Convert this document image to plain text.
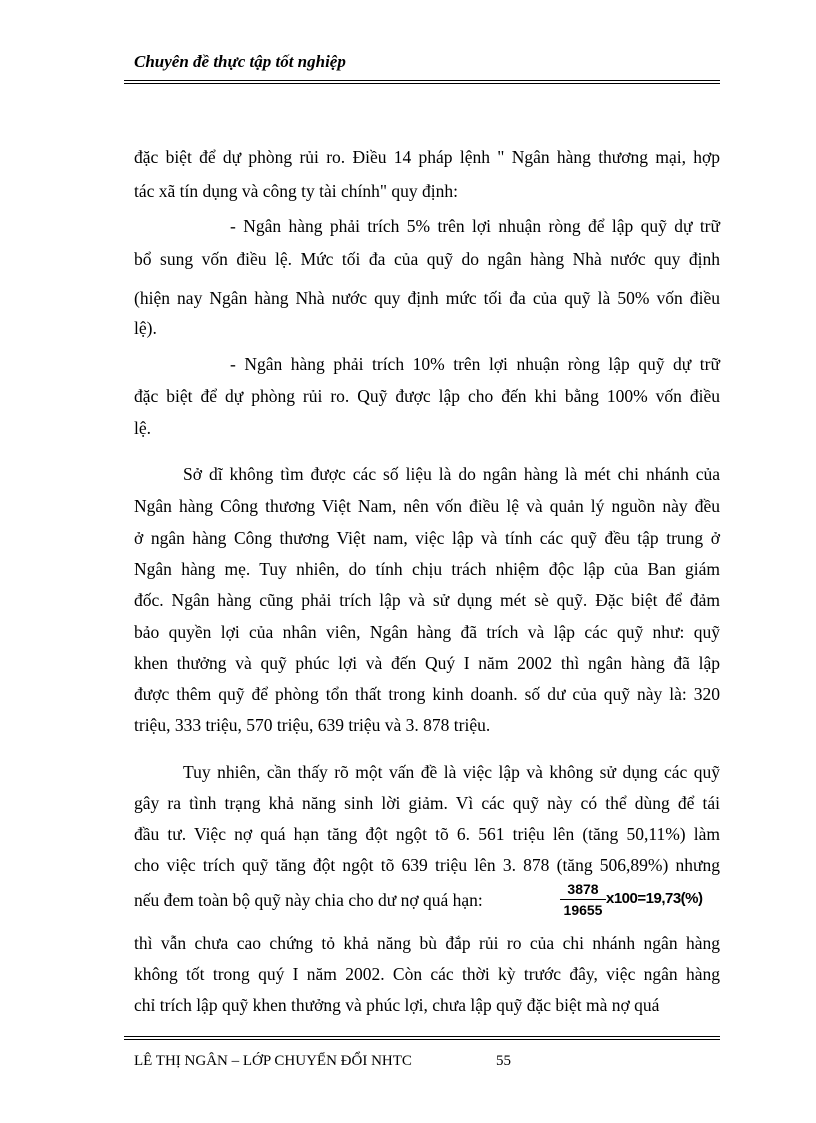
Chuyên đề thực tập tốt nghiệp
đặc biệt để dự phòng rủi ro. Điều 14 pháp lệnh " Ngân hàng thương mại, hợp
tác xã tín dụng và công ty tài chính" quy định:
- Ngân hàng phải trích 5% trên lợi nhuận ròng để lập quỹ dự trữ
bổ sung vốn điều lệ. Mức tối đa của quỹ do ngân hàng Nhà nước quy định
(hiện nay Ngân hàng Nhà nước quy định mức tối đa của quỹ là 50% vốn điều
lệ).
- Ngân hàng phải trích 10% trên lợi nhuận ròng lập quỹ dự trữ
đặc biệt để dự phòng rủi ro. Quỹ được lập cho đến khi bằng 100% vốn điều
lệ.
Sở dĩ không tìm được các số liệu là do ngân hàng là mét chi nhánh của
Ngân hàng Công thương Việt Nam, nên vốn điều lệ và quản lý nguồn này đều
ở ngân hàng Công thương Việt nam, việc lập và tính các quỹ đều tập trung ở
Ngân hàng mẹ. Tuy nhiên, do tính chịu trách nhiệm độc lập của Ban giám
đốc. Ngân hàng cũng phải trích lập và sử dụng mét sè quỹ. Đặc biệt để đảm
bảo quyền lợi của nhân viên, Ngân hàng đã trích và lập các quỹ như: quỹ
khen thưởng và quỹ phúc lợi và đến Quý I năm 2002 thì ngân hàng đã lập
được thêm quỹ để phòng tổn thất trong kinh doanh. số dư của quỹ này là: 320
triệu, 333 triệu, 570 triệu, 639 triệu và 3. 878 triệu.
Tuy nhiên, cần thấy rõ một vấn đề là việc lập và không sử dụng các quỹ
gây ra tình trạng khả năng sinh lời giảm. Vì các quỹ này có thể dùng để tái
đầu tư. Việc nợ quá hạn tăng đột ngột tõ 6. 561 triệu lên (tăng 50,11%) làm
cho việc trích quỹ tăng đột ngột tõ 639 triệu lên 3. 878 (tăng 506,89%) nhưng
nếu đem toàn bộ quỹ này chia cho dư nợ quá hạn:	$\frac{3878}{19655} x100=19,73(\%)$
thì vẫn chưa cao chứng tỏ khả năng bù đắp rủi ro của chi nhánh ngân hàng
không tốt trong quý I năm 2002. Còn các thời kỳ trước đây, việc ngân hàng
chỉ trích lập quỹ khen thưởng và phúc lợi, chưa lập quỹ đặc biệt mà nợ quá
LÊ THỊ NGÂN – LỚP CHUYỂN ĐỔI NHTC	55
